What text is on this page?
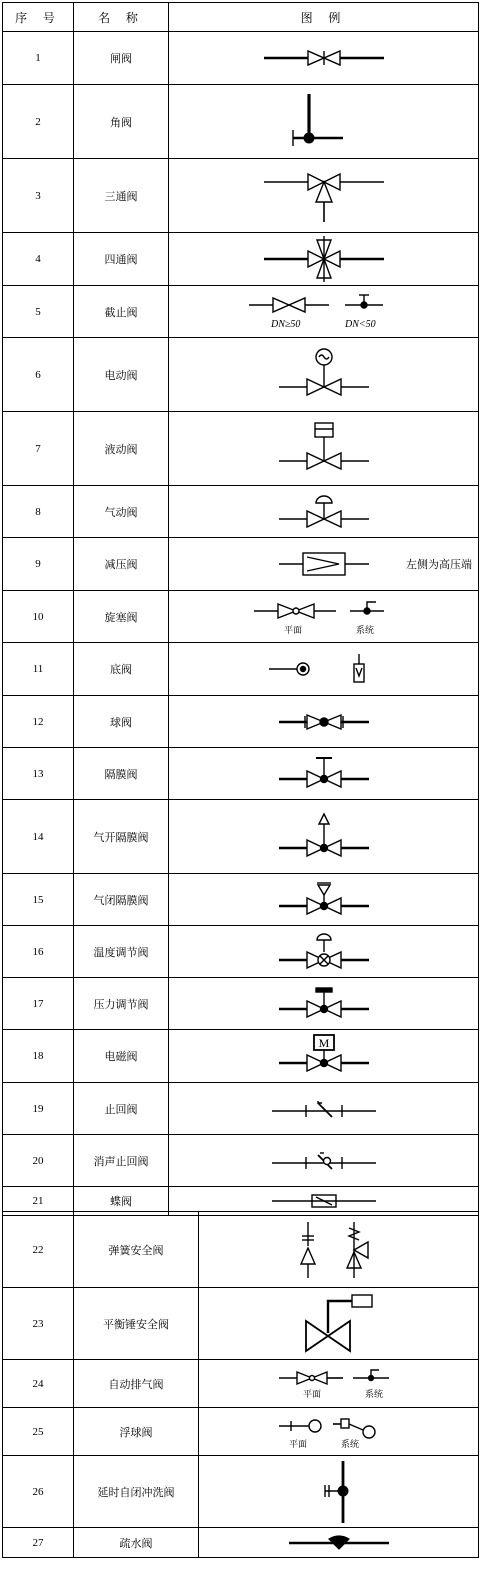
序 号	名 称	图 例
1	闸阀	

2	角阀	

3	三通阀	

4	四通阀	

5	截止阀	DN≥50 DN<50

6	电动阀	

7	液动阀	

8	气动阀	

9	减压阀	左侧为高压端

10	旋塞阀	平面 系统

11	底阀	

12	球阀	

13	隔膜阀	

14	气开隔膜阀	

15	气闭隔膜阀	

16	温度调节阀	

17	压力调节阀	

18	电磁阀	M

19	止回阀	

20	消声止回阀	

21	蝶阀	
22	弹簧安全阀	

23	平衡锤安全阀	

24	自动排气阀	平面 系统

25	浮球阀	平面 系统

26	延时自闭冲洗阀	

27	疏水阀	
